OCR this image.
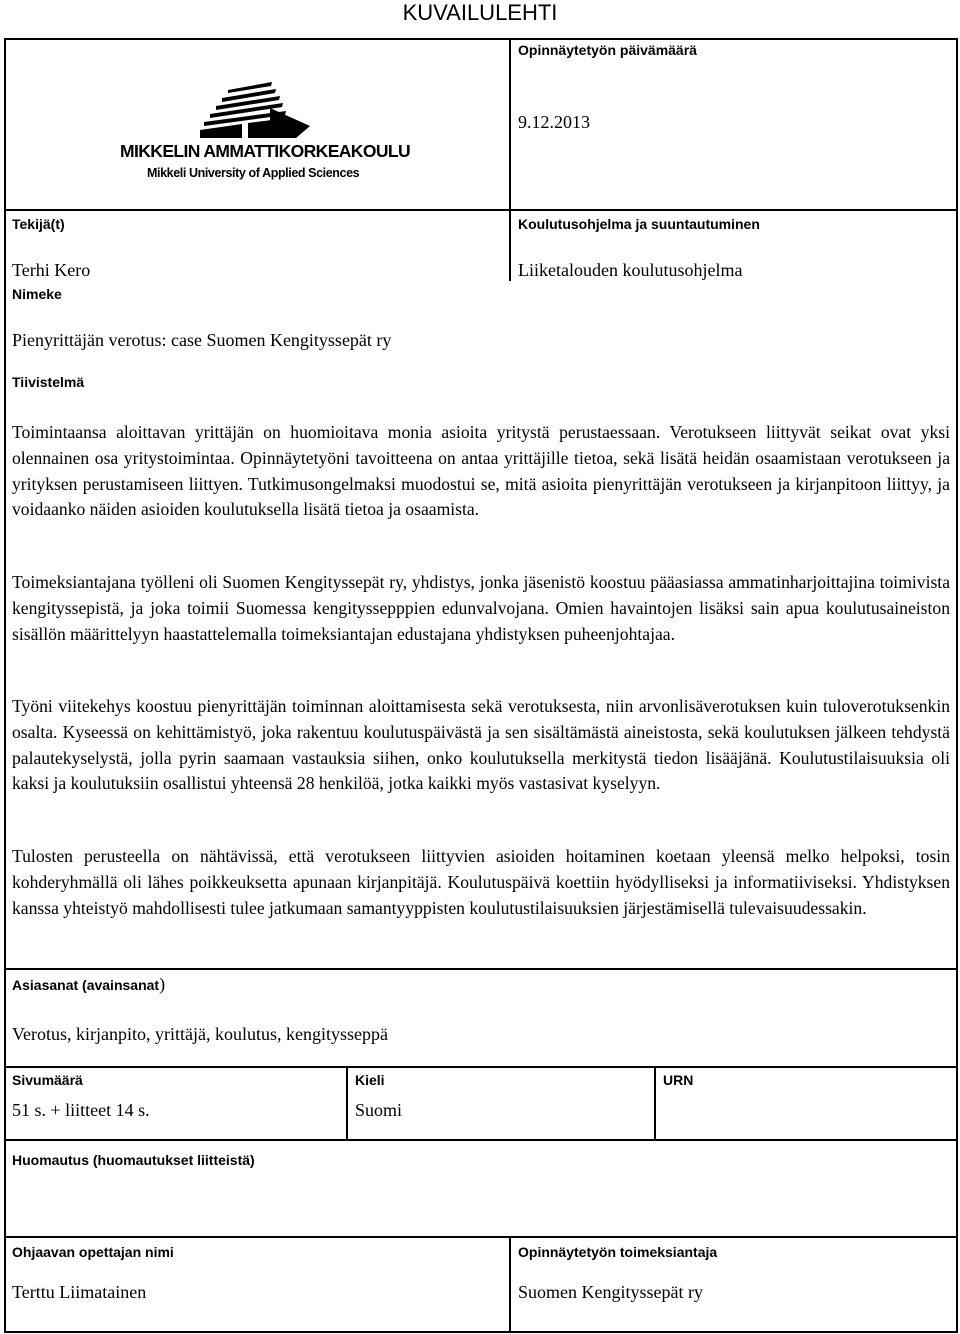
KUVAILULEHTI
MIKKELIN AMMATTIKORKEAKOULU
Mikkeli University of Applied Sciences
Opinnäytetyön päivämäärä
9.12.2013
Tekijä(t)
Terhi Kero
Koulutusohjelma ja suuntautuminen
Liiketalouden koulutusohjelma
Nimeke
Pienyrittäjän verotus: case Suomen Kengityssepät ry
Tiivistelmä
Toimintaansa aloittavan yrittäjän on huomioitava monia asioita yritystä perustaessaan. Verotukseen liittyvät seikat ovat yksi olennainen osa yritystoimintaa. Opinnäytetyöni tavoitteena on antaa yrittäjille tietoa, sekä lisätä heidän osaamistaan verotukseen ja yrityksen perustamiseen liittyen. Tutkimusongelmaksi muodostui se, mitä asioita pienyrittäjän verotukseen ja kirjanpitoon liittyy, ja voidaanko näiden asioiden koulutuksella lisätä tietoa ja osaamista.
Toimeksiantajana työlleni oli Suomen Kengityssepät ry, yhdistys, jonka jäsenistö koostuu pääasiassa ammatinharjoittajina toimivista kengityssepistä, ja joka toimii Suomessa kengityssepppien edunvalvojana. Omien havaintojen lisäksi sain apua koulutusaineiston sisällön määrittelyyn haastattelemalla toimeksiantajan edustajana yhdistyksen puheenjohtajaa.
Työni viitekehys koostuu pienyrittäjän toiminnan aloittamisesta sekä verotuksesta, niin arvonlisäverotuksen kuin tuloverotuksenkin osalta. Kyseessä on kehittämistyö, joka rakentuu koulutuspäivästä ja sen sisältämästä aineistosta, sekä koulutuksen jälkeen tehdystä palautekyselystä, jolla pyrin saamaan vastauksia siihen, onko koulutuksella merkitystä tiedon lisääjänä. Koulutustilaisuuksia oli kaksi ja koulutuksiin osallistui yhteensä 28 henkilöä, jotka kaikki myös vastasivat kyselyyn.
Tulosten perusteella on nähtävissä, että verotukseen liittyvien asioiden hoitaminen koetaan yleensä melko helpoksi, tosin kohderyhmällä oli lähes poikkeuksetta apunaan kirjanpitäjä. Koulutuspäivä koettiin hyödylliseksi ja informatiiviseksi. Yhdistyksen kanssa yhteistyö mahdollisesti tulee jatkumaan samantyyppisten koulutustilaisuuksien järjestämisellä tulevaisuudessakin.
Asiasanat (avainsanat)
Verotus, kirjanpito, yrittäjä, koulutus, kengitysseppä
Sivumäärä
51 s. + liitteet 14 s.
Kieli
Suomi
URN
Huomautus (huomautukset liitteistä)
Ohjaavan opettajan nimi
Terttu Liimatainen
Opinnäytetyön toimeksiantaja
Suomen Kengityssepät ry
